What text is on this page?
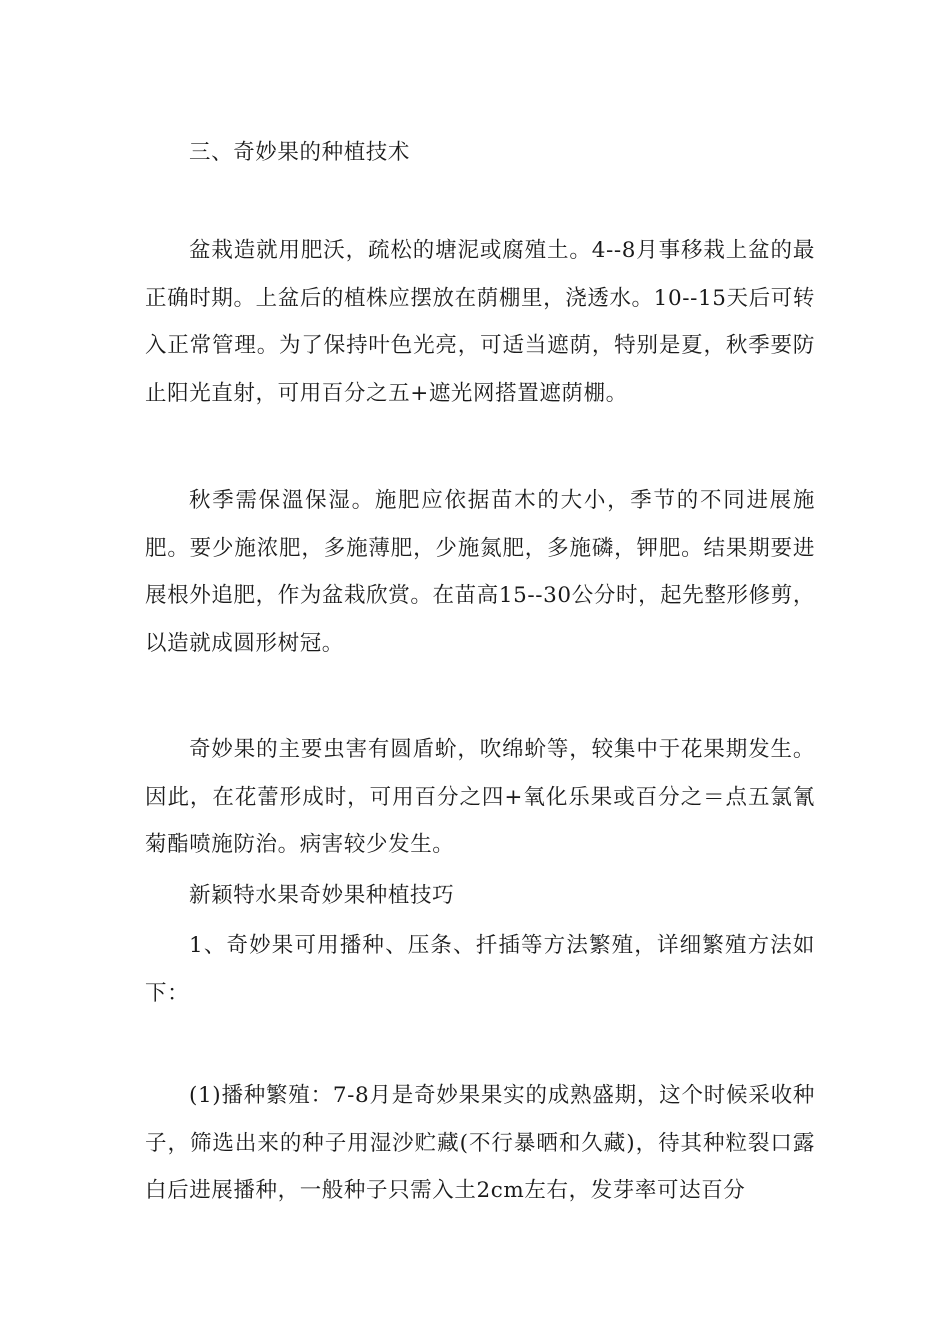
三、奇妙果的种植技术

盆栽造就用肥沃，疏松的塘泥或腐殖土。4--8月事移栽上盆的最正确时期。上盆后的植株应摆放在荫棚里，浇透水。10--15天后可转入正常管理。为了保持叶色光亮，可适当遮荫，特别是夏，秋季要防止阳光直射，可用百分之五+遮光网搭置遮荫棚。

秋季需保溫保湿。施肥应依据苗木的大小，季节的不同进展施肥。要少施浓肥，多施薄肥，少施氮肥，多施磷，钾肥。结果期要进展根外追肥，作为盆栽欣赏。在苗高15--30公分时，起先整形修剪，以造就成圆形树冠。

奇妙果的主要虫害有圆盾蚧，吹绵蚧等，较集中于花果期发生。因此，在花蕾形成时，可用百分之四+氧化乐果或百分之＝点五氯氰菊酯喷施防治。病害较少发生。

新颖特水果奇妙果种植技巧

1、奇妙果可用播种、压条、扦插等方法繁殖，详细繁殖方法如下：

(1)播种繁殖：7-8月是奇妙果果实的成熟盛期，这个时候采收种子，筛选出来的种子用湿沙贮藏(不行暴晒和久藏)，待其种粒裂口露白后进展播种，一般种子只需入土2cm左右，发芽率可达百分
